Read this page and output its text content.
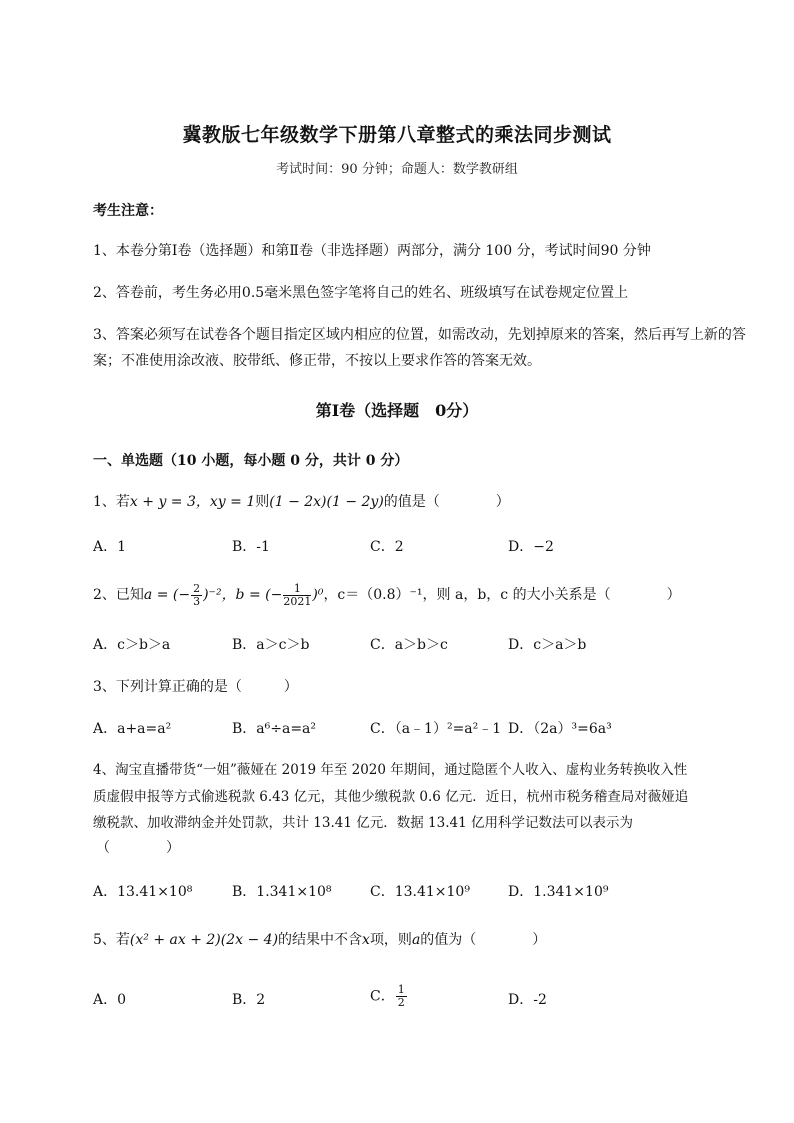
冀教版七年级数学下册第八章整式的乘法同步测试
考试时间：90 分钟；命题人：数学教研组
考生注意：
1、本卷分第Ⅰ卷（选择题）和第Ⅱ卷（非选择题）两部分，满分 100 分，考试时间90 分钟
2、答卷前，考生务必用0.5毫米黑色签字笔将自己的姓名、班级填写在试卷规定位置上
3、答案必须写在试卷各个题目指定区域内相应的位置，如需改动，先划掉原来的答案，然后再写上新的答案；不准使用涂改液、胶带纸、修正带，不按以上要求作答的答案无效。
第Ⅰ卷（选择题　0分）
一、单选题（10 小题，每小题 0 分，共计 0 分）
1、若x + y = 3，xy = 1则(1 − 2x)(1 − 2y)的值是（　　　　）
A．1	B．-1	C．2	D．−2
2、已知a = (− $\frac{2}{3} )^{-2}$，b = (− $\frac{1}{2021} )^0$，c＝（0.8）⁻¹，则 a，b，c 的大小关系是（　　　　）
A．c＞b＞a	B．a＞c＞b	C．a＞b＞c	D．c＞a＞b
3、下列计算正确的是（　　　）
A．a+a=a²	B．a⁶÷a=a²	C．（a﹣1）²=a²﹣1 D．（2a）³=6a³
4、淘宝直播带货“一姐”薇娅在 2019 年至 2020 年期间，通过隐匿个人收入、虚构业务转换收入性
质虚假申报等方式偷逃税款 6.43 亿元，其他少缴税款 0.6 亿元．近日，杭州市税务稽查局对薇娅追
缴税款、加收滞纳金并处罚款，共计 13.41 亿元．数据 13.41 亿用科学记数法可以表示为
（　　　　）
A．13.41×10⁸	B．1.341×10⁸	C．13.41×10⁹	D．1.341×10⁹
5、若(x² + ax + 2)(2x − 4)的结果中不含x项，则a的值为（　　　　）
A．0	B．2	C． $\frac{1}{2}$	D．-2
